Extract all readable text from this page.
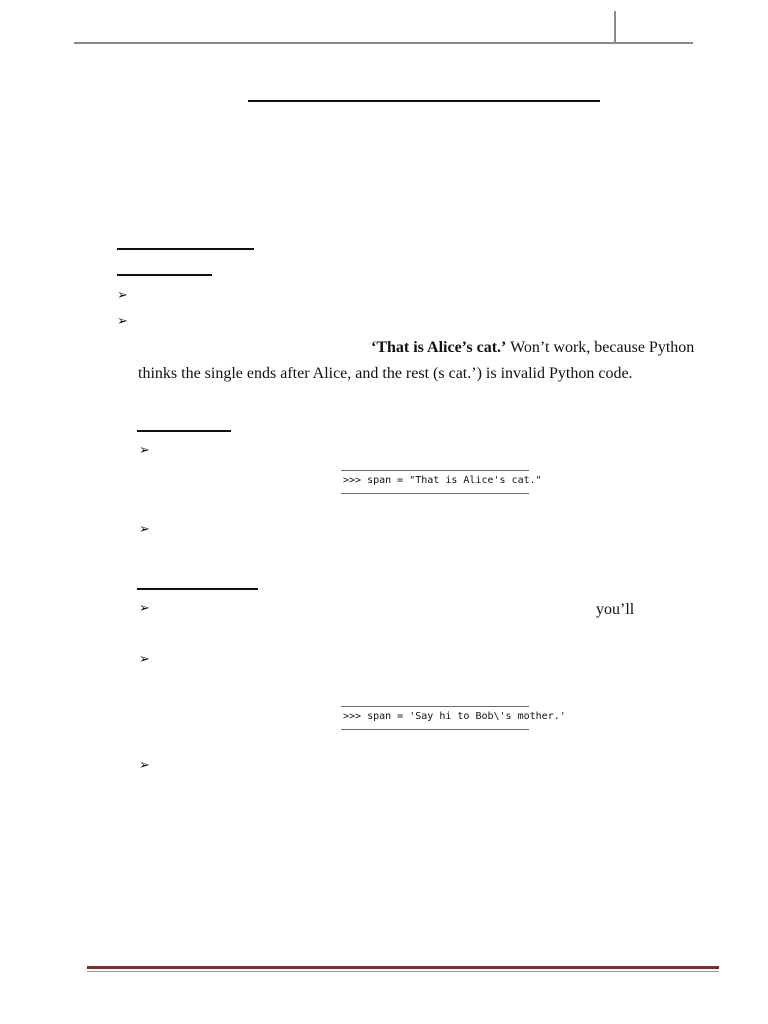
➢
➢
‘That is Alice’s cat.’ Won’t work, because Python
thinks the single ends after Alice, and the rest (s cat.’) is invalid Python code.
➢
>>> span = "That is Alice's cat."
➢
➢	you’ll
➢
>>> span = 'Say hi to Bob\'s mother.'
➢
